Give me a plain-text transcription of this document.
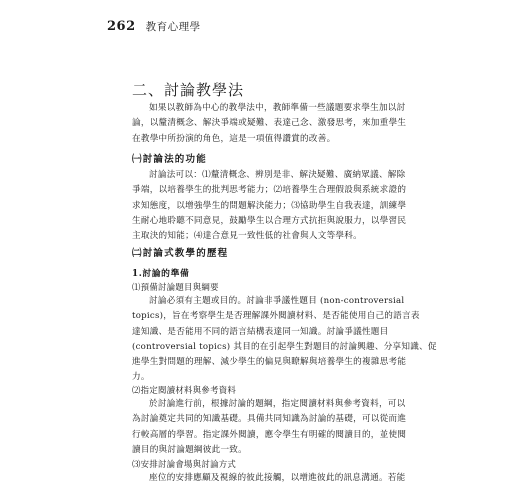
262 教育心理學
二、討論教學法

如果以教師為中心的教學法中，教師準備一些議題要求學生加以討
論，以釐清概念、解決爭端或疑難、表達己念、激發思考，來加重學生
在教學中所扮演的角色，這是一項值得讚賞的改善。

㈠討論法的功能

討論法可以：⑴釐清概念、辨別是非、解決疑難、廣納眾議、解除
爭端，以培養學生的批判思考能力；⑵培養學生合理假設與系統求證的
求知態度，以增強學生的問題解決能力；⑶協助學生自我表達，訓練學
生耐心地聆聽不同意見，鼓勵學生以合理方式抗拒與說服力，以學習民
主取決的知能；⑷達合意見一致性低的社會與人文等學科。

㈡討論式教學的歷程
1.討論的準備
⑴預備討論題目與綱要

討論必須有主題或目的。討論非爭議性題目 (non-controversial
topics)，旨在考察學生是否理解課外閱讀材料、是否能使用自己的語言表
達知識、是否能用不同的語言結構表達同一知識。討論爭議性題目
(controversial topics) 其目的在引起學生對題目的討論興趣、分享知識、促
進學生對問題的理解、減少學生的偏見與瞭解與培養學生的複雜思考能
力。

⑵指定閱讀材料與參考資料

於討論進行前，根據討論的題綱，指定閱讀材料與參考資料，可以
為討論奠定共同的知識基礎。具備共同知識為討論的基礎，可以從而進
行較高層的學習。指定課外閱讀，應令學生有明確的閱讀目的，並使閱
讀目的與討論題綱彼此一致。

⑶安排討論會場與討論方式

座位的安排應顧及視線的彼此接觸，以增進彼此的訊息溝通。若能
